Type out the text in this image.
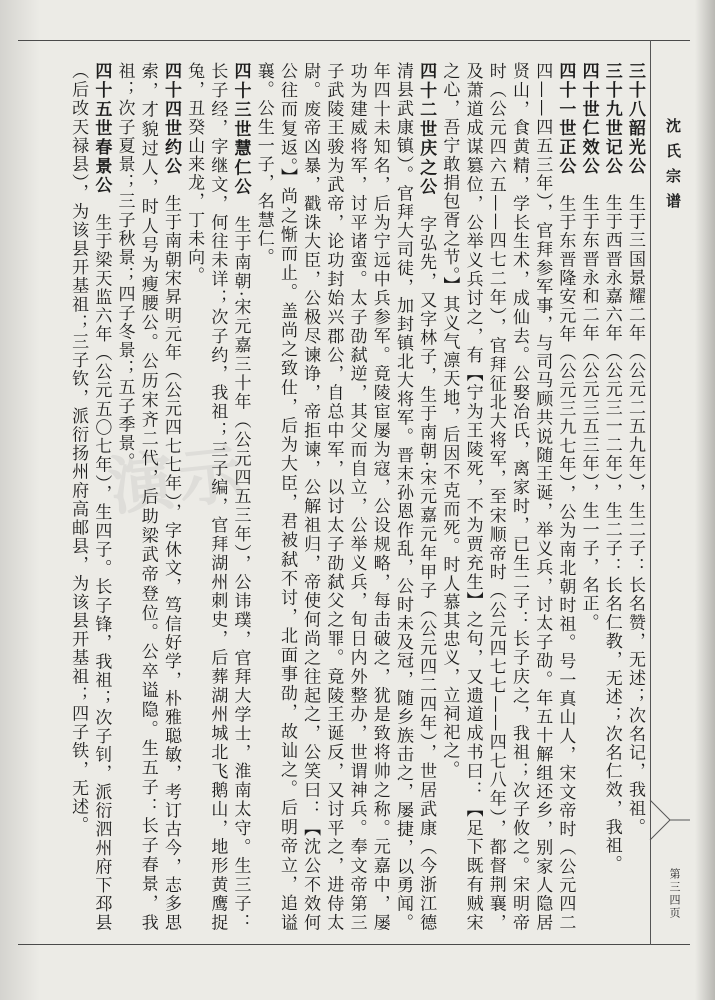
沈氏宗谱
第三四页
演示

三十八韶光公生于三国景耀二年（公元二五九年），生二子：长名赞，无述；次名记，我祖。

三十九世记公生于西晋永嘉六年（公元三一二年），生二子：长名仁教，无述；次名仁效，我祖。

四十世仁效公生于东晋永和二年（公元三五三年），生一子，名正。

四十一世正公生于东晋隆安元年（公元三九七年），公为南北朝时祖。号一真山人，宋文帝时（公元四二四——四五三年），官拜参军事，与司马顾共说随王诞，举义兵，讨太子劭。年五十解组还乡，别家人隐居贤山，食黄精，学长生术，成仙去。公娶冶氏，离家时，已生二子：长子庆之，我祖；次子攸之。宋明帝时（公元四六五——四七二年），官拜征北大将军，至宋顺帝时（公元四七七——四七八年），都督荆襄，及萧道成谋篡位，公举义兵讨之，有【宁为王陵死，不为贾充生】之句，又遗道成书曰：【足下既有贼宋之心，吾宁敢捐包胥之节。】其义气凛天地，后因不克而死。时人慕其忠义，立祠祀之。

四十二世庆之公字弘先，又字林子，生于南朝·宋元嘉元年甲子（公元四二四年），世居武康（今浙江德清县武康镇）。官拜大司徒，加封镇北大将军。晋末孙恩作乱，公时未及冠，随乡族击之，屡捷，以勇闻。年四十未知名，后为宁远中兵参军。竟陵宦屡为寇，公设规略，每击破之，犹是致将帅之称。元嘉中，屡功为建威将军，讨平诸蛮。太子劭弑逆，其父而自立，公举义兵，旬日内外整办，世谓神兵。奉文帝第三子武陵王骏为武帝，论功封始兴郡公，自总中军，以讨太子劭弑父之罪。竟陵王诞反，又讨平之，进侍太尉。废帝凶暴，戳诛大臣，公极尽谏诤，帝拒谏，公解祖归，帝使何尚之往起之，公笑曰：【沈公不效何公往而复返。】尚之惭而止。盖尚之致仕，后为大臣，君被弑不讨，北面事劭，故讪之。后明帝立，追谥襄。公生一子，名慧仁。

四十三世慧仁公生于南朝·宋元嘉三十年（公元四五三年），公讳璞，官拜大学士，淮南太守。生三子：长子经，字继文，何往未详；次子约，我祖；三子编，官拜湖州刺史，后葬湖州城北飞鹅山，地形黄鹰捉兔，丑癸山来龙，丁未向。

四十四世约公生于南朝宋昇明元年（公元四七七年），字休文，笃信好学，朴雅聪敏，考订古今，志多思索，才貌过人，时人号为瘦腰公。公历宋齐二代，后助梁武帝登位。公卒谥隐。生五子：长子春景，我祖；次子夏景；三子秋景；四子冬景；五子季景。

四十五世春景公生于梁天监六年（公元五〇七年），生四子。长子锋，我祖；次子钊，派衍泗州府下邳县（后改天禄县），为该县开基祖；三子钦，派衍扬州府高邮县，为该县开基祖；四子铁，无述。
